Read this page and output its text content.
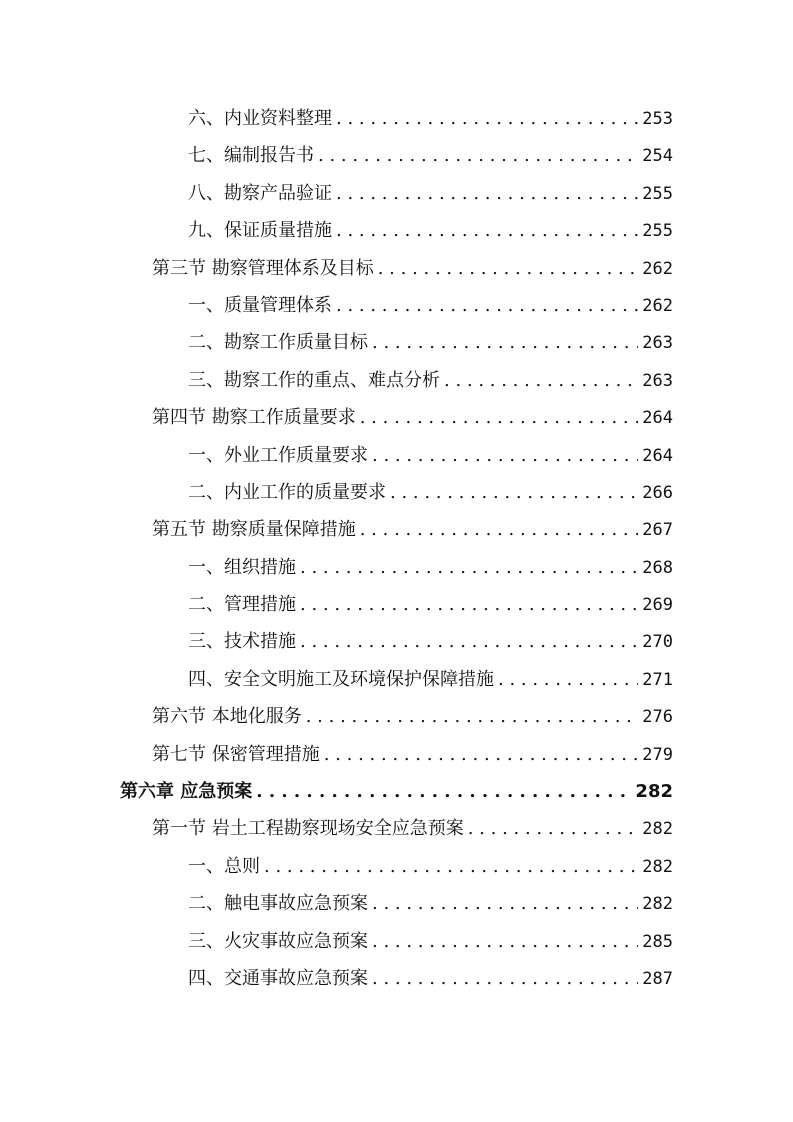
六、内业资料整理 . . .	253
七、编制报告书 . . .	254
八、勘察产品验证 . . .	255
九、保证质量措施 . . .	255
第三节 勘察管理体系及目标 . . .	262
一、质量管理体系 . . .	262
二、勘察工作质量目标 . . .	263
三、勘察工作的重点、难点分析 . . .	263
第四节 勘察工作质量要求 . . .	264
一、外业工作质量要求 . . .	264
二、内业工作的质量要求 . . .	266
第五节 勘察质量保障措施 . . .	267
一、组织措施 . . .	268
二、管理措施 . . .	269
三、技术措施 . . .	270
四、安全文明施工及环境保护保障措施 . . .	271
第六节 本地化服务 . . .	276
第七节 保密管理措施 . . .	279
第六章 应急预案 . . .	282
第一节 岩土工程勘察现场安全应急预案 . . .	282
一、总则 . . .	282
二、触电事故应急预案 . . .	282
三、火灾事故应急预案 . . .	285
四、交通事故应急预案 . . .	287
